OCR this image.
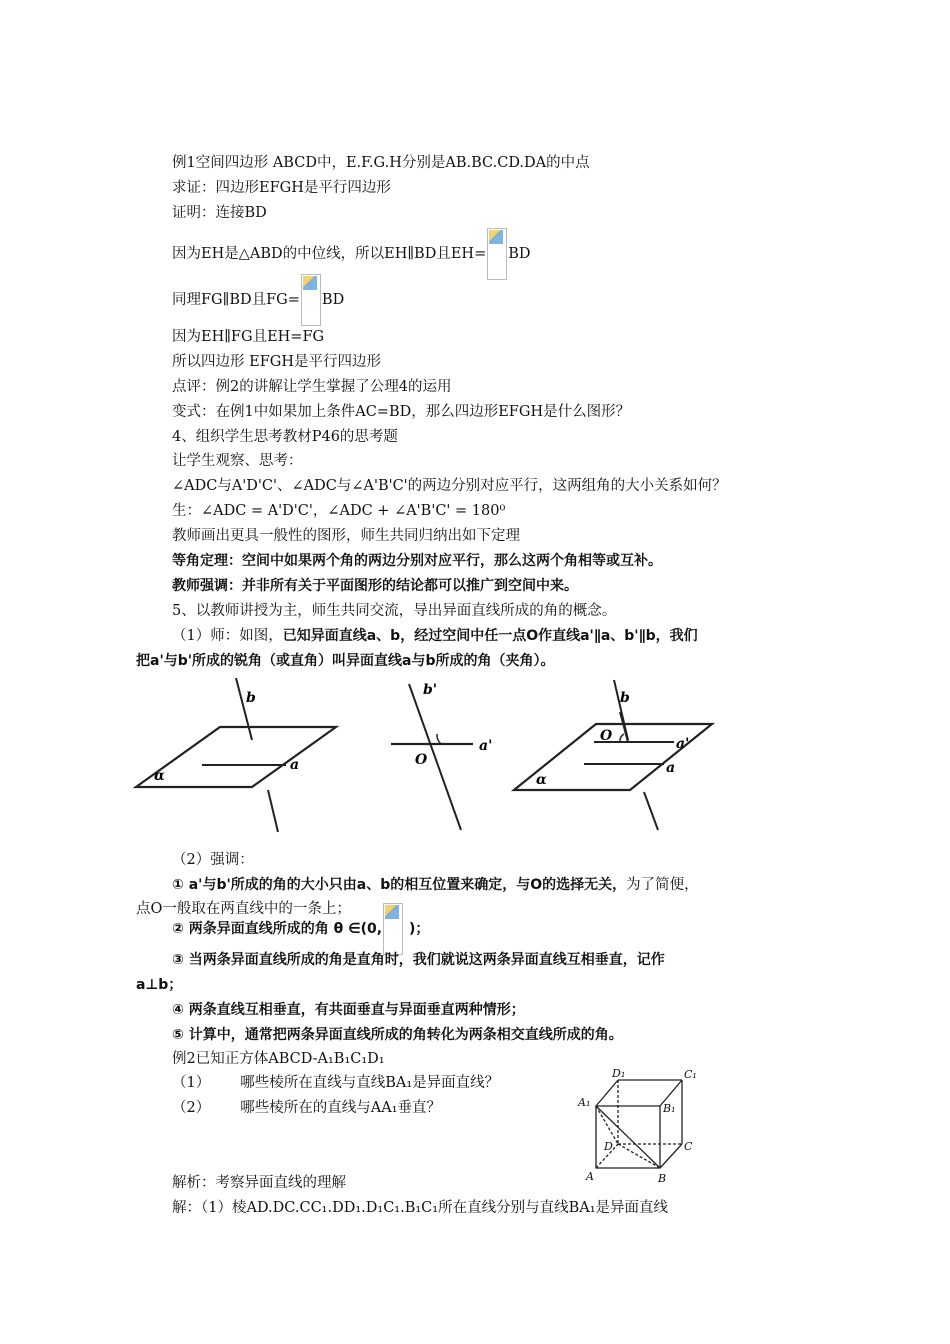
例1空间四边形 ABCD中，E.F.G.H分别是AB.BC.CD.DA的中点
求证：四边形EFGH是平行四边形
证明：连接BD
因为EH是△ABD的中位线，所以EH∥BD且EH= BD
同理FG∥BD且FG= BD
因为EH∥FG且EH=FG
所以四边形 EFGH是平行四边形
点评：例2的讲解让学生掌握了公理4的运用
变式：在例1中如果加上条件AC=BD，那么四边形EFGH是什么图形？
4、组织学生思考教材P46的思考题
让学生观察、思考：
∠ADC与A'D'C'、∠ADC与∠A'B'C'的两边分别对应平行，这两组角的大小关系如何？
生：∠ADC = A'D'C'，∠ADC + ∠A'B'C' = 180⁰
教师画出更具一般性的图形，师生共同归纳出如下定理
等角定理：空间中如果两个角的两边分别对应平行，那么这两个角相等或互补。
教师强调：并非所有关于平面图形的结论都可以推广到空间中来。
5、以教师讲授为主，师生共同交流，导出异面直线所成的角的概念。
（1）师：如图，已知异面直线a、b，经过空间中任一点O作直线a'∥a、b'∥b，我们
把a'与b'所成的锐角（或直角）叫异面直线a与b所成的角（夹角）。
b
a
α
b'
a'
O
b
O	a'
a
α
（2）强调：
① a'与b'所成的角的大小只由a、b的相互位置来确定，与O的选择无关，为了简便，
点O一般取在两直线中的一条上；
② 两条异面直线所成的角 θ ∈(0,
)；
③ 当两条异面直线所成的角是直角时，我们就说这两条异面直线互相垂直，记作
a⊥b；
④ 两条直线互相垂直，有共面垂直与异面垂直两种情形；
⑤ 计算中，通常把两条异面直线所成的角转化为两条相交直线所成的角。
例2已知正方体ABCD-A₁B₁C₁D₁
（1） 哪些棱所在直线与直线BA₁是异面直线？
（2） 哪些棱所在的直线与AA₁垂直？
D₁	C₁
A₁	B₁
D	C
A	B
解析：考察异面直线的理解
解：（1）棱AD.DC.CC₁.DD₁.D₁C₁.B₁C₁所在直线分别与直线BA₁是异面直线
